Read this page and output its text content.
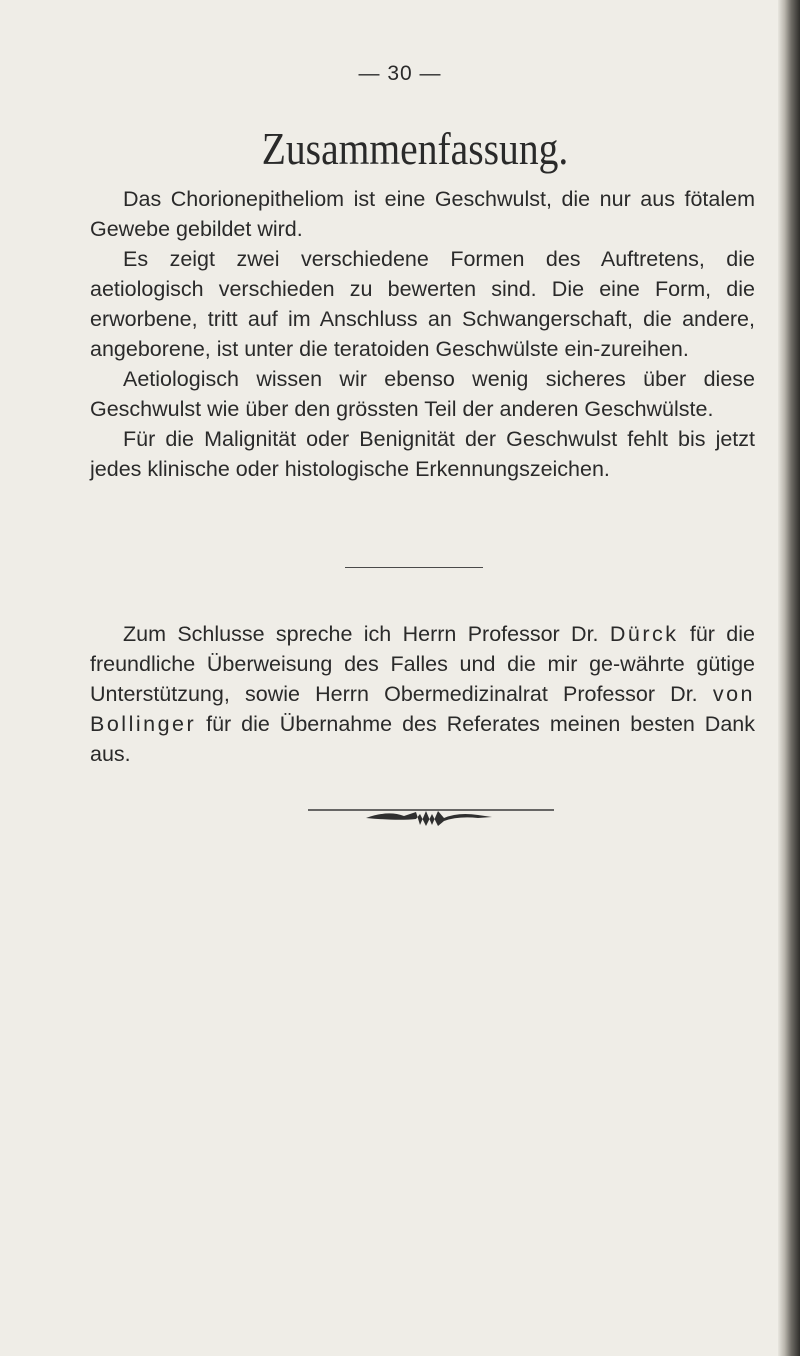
— 30 —
Zusammenfassung.

Das Chorionepitheliom ist eine Geschwulst, die nur aus fötalem Gewebe gebildet wird.

Es zeigt zwei verschiedene Formen des Auftretens, die aetiologisch verschieden zu bewerten sind. Die eine Form, die erworbene, tritt auf im Anschluss an Schwangerschaft, die andere, angeborene, ist unter die teratoiden Geschwülste ein-zureihen.

Aetiologisch wissen wir ebenso wenig sicheres über diese Geschwulst wie über den grössten Teil der anderen Geschwülste.

Für die Malignität oder Benignität der Geschwulst fehlt bis jetzt jedes klinische oder histologische Erkennungszeichen.

Zum Schlusse spreche ich Herrn Professor Dr. Dürck für die freundliche Überweisung des Falles und die mir ge-währte gütige Unterstützung, sowie Herrn Obermedizinalrat Professor Dr. von Bollinger für die Übernahme des Referates meinen besten Dank aus.
